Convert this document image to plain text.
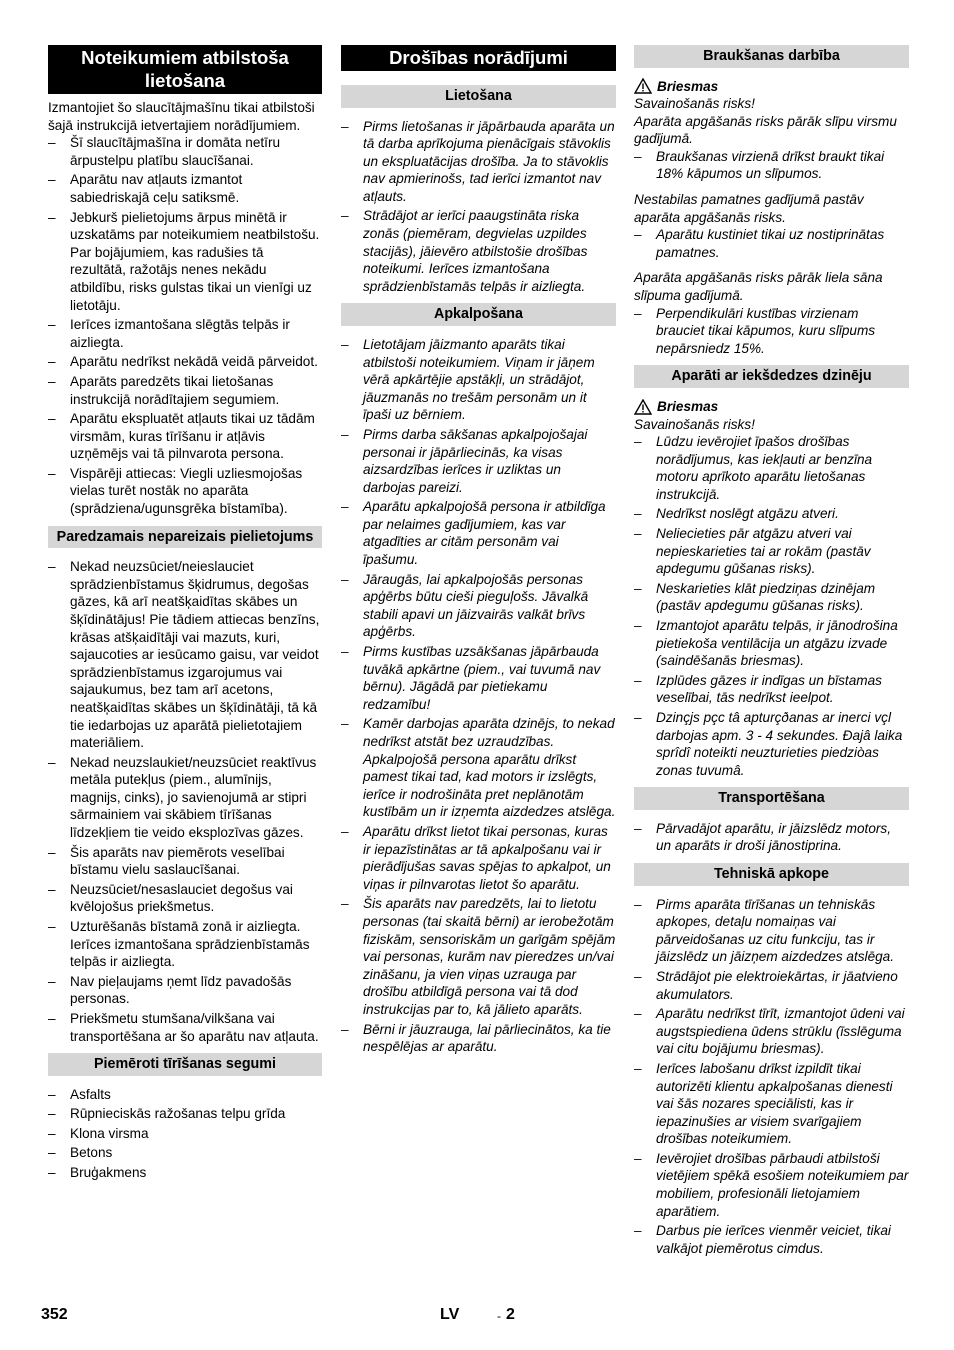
Noteikumiem atbilstoša lietošana

Izmantojiet šo slaucītājmašīnu tikai atbilstoši šajā instrukcijā ietvertajiem norādījumiem.

– Šī slaucītājmašīna ir domāta netīru ārpustelpu platību slaucīšanai.
– Aparātu nav atļauts izmantot sabiedriskajā ceļu satiksmē.
– Jebkurš pielietojums ārpus minētā ir uzskatāms par noteikumiem neatbilstošu. Par bojājumiem, kas radušies tā rezultātā, ražotājs nenes nekādu atbildību, risks gulstas tikai un vienīgi uz lietotāju.
– Ierīces izmantošana slēgtās telpās ir aizliegta.
– Aparātu nedrīkst nekādā veidā pārveidot.
– Aparāts paredzēts tikai lietošanas instrukcijā norādītajiem segumiem.
– Aparātu ekspluatēt atļauts tikai uz tādām virsmām, kuras tīrīšanu ir atļāvis uzņēmējs vai tā pilnvarota persona.
– Vispārēji attiecas: Viegli uzliesmojošas vielas turēt nostāk no aparāta (sprādziena/ugunsgrēka bīstamība).
Paredzamais nepareizais pielietojums
– Nekad neuzsūciet/neieslauciet sprādzienbīstamus šķidrumus, degošas gāzes, kā arī neatšķaidītas skābes un šķīdinātājus! Pie tādiem attiecas benzīns, krāsas atšķaidītāji vai mazuts, kuri, sajaucoties ar iesūcamo gaisu, var veidot sprādzienbīstamus izgarojumus vai sajaukumus, bez tam arī acetons, neatšķaidītas skābes un šķīdinātāji, tā kā tie iedarbojas uz aparātā pielietotajiem materiāliem.
– Nekad neuzslaukiet/neuzsūciet reaktīvus metāla putekļus (piem., alumīnijs, magnijs, cinks), jo savienojumā ar stipri sārmainiem vai skābiem tīrīšanas līdzekļiem tie veido eksplozīvas gāzes.
– Šis aparāts nav piemērots veselībai bīstamu vielu saslaucīšanai.
– Neuzsūciet/nesaslauciet degošus vai kvēlojošus priekšmetus.
– Uzturēšanās bīstamā zonā ir aizliegta. Ierīces izmantošana sprādzienbīstamās telpās ir aizliegta.
– Nav pieļaujams ņemt līdz pavadošās personas.
– Priekšmetu stumšana/vilkšana vai transportēšana ar šo aparātu nav atļauta.
Piemēroti tīrīšanas segumi
– Asfalts
– Rūpnieciskās ražošanas telpu grīda
– Klona virsma
– Betons
– Bruģakmens
Drošības norādījumi
Lietošana
– Pirms lietošanas ir jāpārbauda aparāta un tā darba aprīkojuma pienācīgais stāvoklis un ekspluatācijas drošība. Ja to stāvoklis nav apmierinošs, tad ierīci izmantot nav atļauts.
– Strādājot ar ierīci paaugstināta riska zonās (piemēram, degvielas uzpildes stacijās), jāievēro atbilstošie drošības noteikumi. Ierīces izmantošana sprādzienbīstamās telpās ir aizliegta.
Apkalpošana
– Lietotājam jāizmanto aparāts tikai atbilstoši noteikumiem. Viņam ir jāņem vērā apkārtējie apstākļi, un strādājot, jāuzmanās no trešām personām un it īpaši uz bērniem.
– Pirms darba sākšanas apkalpojošajai personai ir jāpārliecinās, ka visas aizsardzības ierīces ir uzliktas un darbojas pareizi.
– Aparātu apkalpojošā persona ir atbildīga par nelaimes gadījumiem, kas var atgadīties ar citām personām vai īpašumu.
– Jāraugās, lai apkalpojošās personas apģērbs būtu cieši pieguļošs. Jāvalkā stabili apavi un jāizvairās valkāt brīvs apģērbs.
– Pirms kustības uzsākšanas jāpārbauda tuvākā apkārtne (piem., vai tuvumā nav bērnu). Jāgādā par pietiekamu redzamību!
– Kamēr darbojas aparāta dzinējs, to nekad nedrīkst atstāt bez uzraudzības. Apkalpojošā persona aparātu drīkst pamest tikai tad, kad motors ir izslēgts, ierīce ir nodrošināta pret neplānotām kustībām un ir izņemta aizdedzes atslēga.
– Aparātu drīkst lietot tikai personas, kuras ir iepazīstinātas ar tā apkalpošanu vai ir pierādījušas savas spējas to apkalpot, un viņas ir pilnvarotas lietot šo aparātu.
– Šis aparāts nav paredzēts, lai to lietotu personas (tai skaitā bērni) ar ierobežotām fiziskām, sensoriskām un garīgām spējām vai personas, kurām nav pieredzes un/vai zināšanu, ja vien viņas uzrauga par drošību atbildīgā persona vai tā dod instrukcijas par to, kā jālieto aparāts.
– Bērni ir jāuzrauga, lai pārliecinātos, ka tie nespēlējas ar aparātu.
Braukšanas darbība
Briesmas

Savainošanās risks!

Aparāta apgāšanās risks pārāk slīpu virsmu gadījumā.

– Braukšanas virzienā drīkst braukt tikai 18% kāpumos un slīpumos.

Nestabilas pamatnes gadījumā pastāv aparāta apgāšanās risks.

– Aparātu kustiniet tikai uz nostiprinātas pamatnes.

Aparāta apgāšanās risks pārāk liela sāna slīpuma gadījumā.

– Perpendikulāri kustības virzienam brauciet tikai kāpumos, kuru slīpums nepārsniedz 15%.
Aparāti ar iekšdedzes dzinēju
Briesmas

Savainošanās risks!

– Lūdzu ievērojiet īpašos drošības norādījumus, kas iekļauti ar benzīna motoru aprīkoto aparātu lietošanas instrukcijā.
– Nedrīkst noslēgt atgāzu atveri.
– Neliecieties pār atgāzu atveri vai nepieskarieties tai ar rokām (pastāv apdegumu gūšanas risks).
– Neskarieties klāt piedziņas dzinējam (pastāv apdegumu gūšanas risks).
– Izmantojot aparātu telpās, ir jānodrošina pietiekoša ventilācija un atgāzu izvade (saindēšanās briesmas).
– Izplūdes gāzes ir indīgas un bīstamas veselībai, tās nedrīkst ieelpot.
– Dzinçjs pçc tâ apturçðanas ar inerci vçl darbojas apm. 3 - 4 sekundes. Ðajâ laika sprîdî noteikti neuzturieties piedziòas zonas tuvumâ.
Transportēšana
– Pārvadājot aparātu, ir jāizslēdz motors, un aparāts ir droši jānostiprina.
Tehniskā apkope
– Pirms aparāta tīrīšanas un tehniskās apkopes, detaļu nomaiņas vai pārveidošanas uz citu funkciju, tas ir jāizslēdz un jāizņem aizdedzes atslēga.
– Strādājot pie elektroiekārtas, ir jāatvieno akumulators.
– Aparātu nedrīkst tīrīt, izmantojot ūdeni vai augstspiediena ūdens strūklu (īsslēguma vai citu bojājumu briesmas).
– Ierīces labošanu drīkst izpildīt tikai autorizēti klientu apkalpošanas dienesti vai šās nozares speciālisti, kas ir iepazinušies ar visiem svarīgajiem drošības noteikumiem.
– Ievērojiet drošības pārbaudi atbilstoši vietējiem spēkā esošiem noteikumiem par mobiliem, profesionāli lietojamiem aparātiem.
– Darbus pie ierīces vienmēr veiciet, tikai valkājot piemērotus cimdus.
352	LV	- 2
